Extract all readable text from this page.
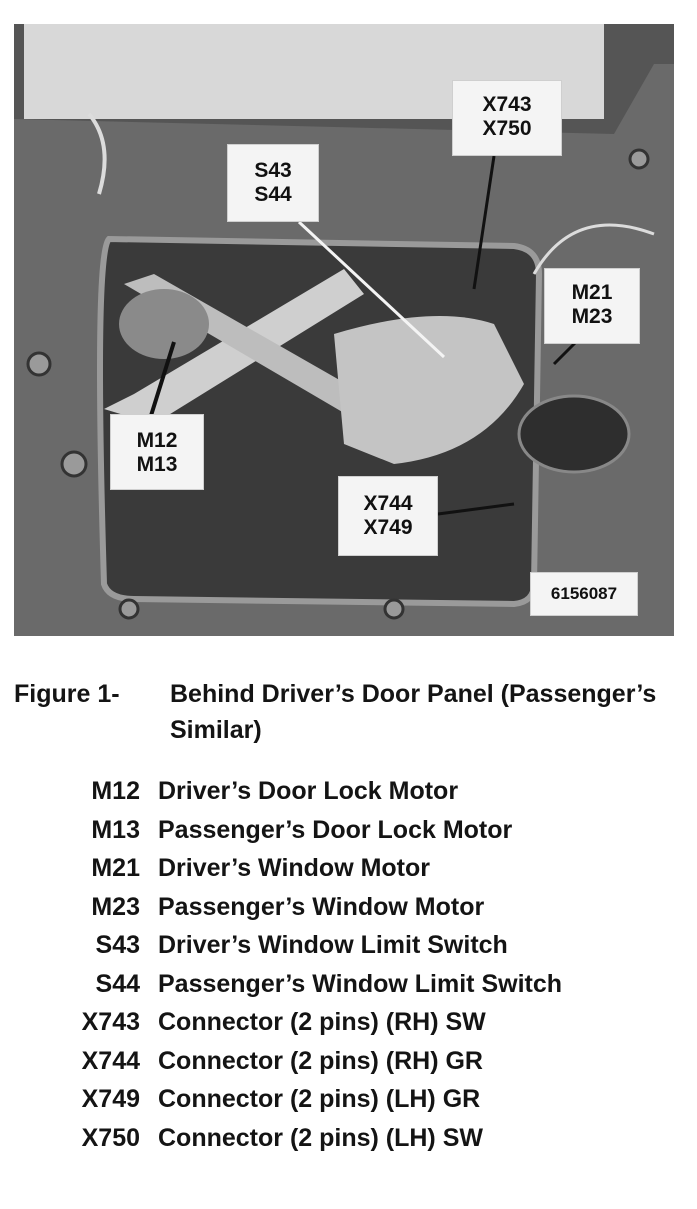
M12
M13
S43
S44
X743
X750
M21
M23
X744
X749
6156087
Figure 1- Behind Driver’s Door Panel (Passenger’s Similar)
M12 Driver’s Door Lock Motor
M13 Passenger’s Door Lock Motor
M21 Driver’s Window Motor
M23 Passenger’s Window Motor
S43 Driver’s Window Limit Switch
S44 Passenger’s Window Limit Switch
X743 Connector (2 pins) (RH) SW
X744 Connector (2 pins) (RH) GR
X749 Connector (2 pins) (LH) GR
X750 Connector (2 pins) (LH) SW
